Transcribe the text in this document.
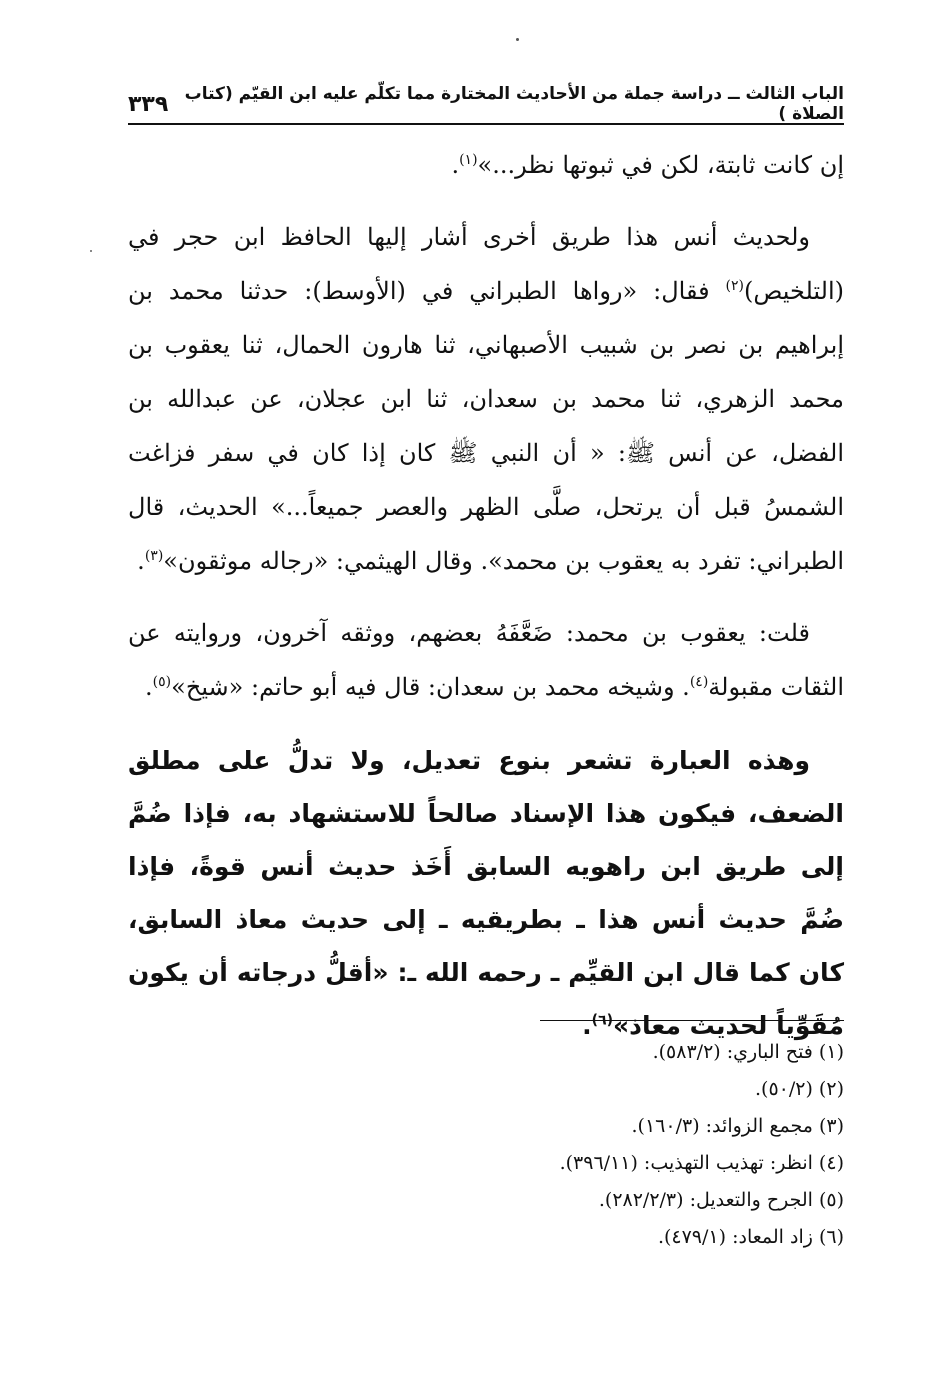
الباب الثالث ــ دراسة جملة من الأحاديث المختارة مما تكلّم عليه ابن القيّم (كتاب الصلاة )
٣٣٩

إن كانت ثابتة، لكن في ثبوتها نظر...»$^{(١)}$.

ولحديث أنس هذا طريق أخرى أشار إليها الحافظ ابن حجر في (التلخيص)$^{(٢)}$ فقال: «رواها الطبراني في (الأوسط): حدثنا محمد بن إبراهيم بن نصر بن شبيب الأصبهاني، ثنا هارون الحمال، ثنا يعقوب بن محمد الزهري، ثنا محمد بن سعدان، ثنا ابن عجلان، عن عبدالله بن الفضل، عن أنس ﷺ: « أن النبي ﷺ كان إذا كان في سفر فزاغت الشمسُ قبل أن يرتحل، صلَّى الظهر والعصر جميعاً...» الحديث، قال الطبراني: تفرد به يعقوب بن محمد». وقال الهيثمي: «رجاله موثقون»$^{(٣)}$.

قلت: يعقوب بن محمد: ضَعَّفَهُ بعضهم، ووثقه آخرون، وروايته عن الثقات مقبولة$^{(٤)}$. وشيخه محمد بن سعدان: قال فيه أبو حاتم: «شيخ»$^{(٥)}$.

وهذه العبارة تشعر بنوع تعديل، ولا تدلُّ على مطلق الضعف، فيكون هذا الإسناد صالحاً للاستشهاد به، فإذا ضُمَّ إلى طريق ابن راهويه السابق أَخَذ حديث أنس قوةً، فإذا ضُمَّ حديث أنس هذا ـ بطريقيه ـ إلى حديث معاذ السابق، كان كما قال ابن القيِّم ـ رحمه الله ـ: «أقلُّ درجاته أن يكون مُقَوِّياً لحديث معاذ»$^{(٦)}$.

(١) فتح الباري: (٥٨٣/٢).
(٢) (٥٠/٢).
(٣) مجمع الزوائد: (١٦٠/٣).
(٤) انظر: تهذيب التهذيب: (٣٩٦/١١).
(٥) الجرح والتعديل: (٢٨٢/٢/٣).
(٦) زاد المعاد: (٤٧٩/١).
